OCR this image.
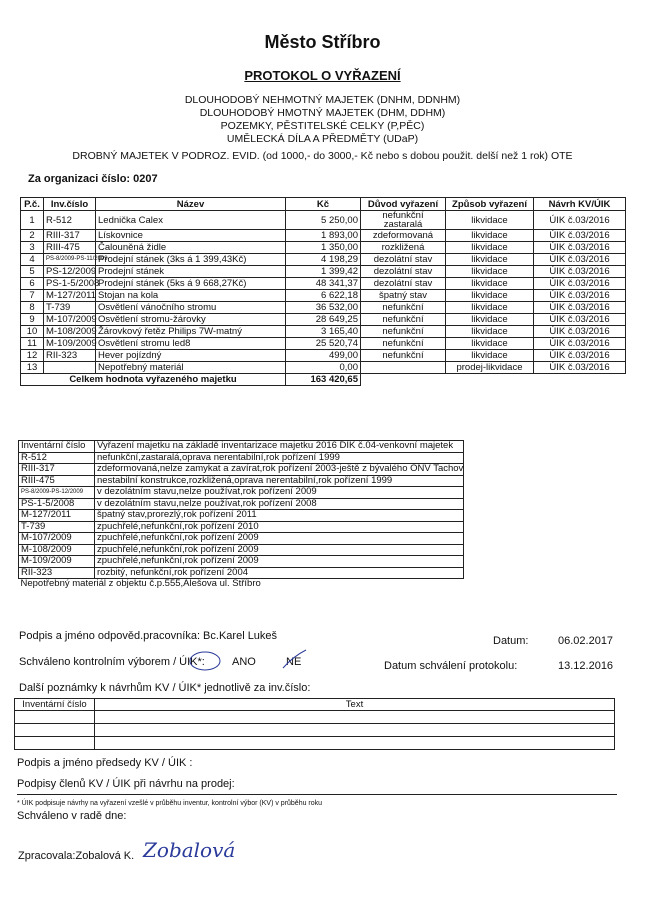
Město Stříbro
PROTOKOL O VYŘAZENÍ
DLOUHODOBÝ NEHMOTNÝ MAJETEK (DNHM, DDNHM)
DLOUHODOBÝ HMOTNÝ MAJETEK (DHM, DDHM)
POZEMKY, PĚSTITELSKÉ CELKY (P,PĚC)
UMĚLECKÁ DÍLA A PŘEDMĚTY (UDaP)
DROBNÝ MAJETEK V PODROZ. EVID. (od 1000,- do 3000,- Kč nebo s dobou použit. delší než 1 rok) OTE
Za organizaci číslo: 0207
P.č.	Inv.číslo	Název	Kč	Důvod vyřazení	Způsob vyřazení	Návrh KV/ÚIK
1	R-512	Lednička Calex	5 250,00	nefunkční zastaralá	likvidace	ÚIK č.03/2016
2	RIII-317	Lískovnice	1 893,00	zdeformovaná	likvidace	ÚIK č.03/2016
3	RIII-475	Čalouněná židle	1 350,00	rozkližená	likvidace	ÚIK č.03/2016
4	PS-8/2009-PS-11/2009	Prodejní stánek (3ks á 1 399,43Kč)	4 198,29	dezolátní stav	likvidace	ÚIK č.03/2016
5	PS-12/2009	Prodejní stánek	1 399,42	dezolátní stav	likvidace	ÚIK č.03/2016
6	PS-1-5/2008	Prodejní stánek (5ks á 9 668,27Kč)	48 341,37	dezolátní stav	likvidace	ÚIK č.03/2016
7	M-127/2011	Stojan na kola	6 622,18	špatný stav	likvidace	ÚIK č.03/2016
8	T-739	Osvětlení vánočního stromu	36 532,00	nefunkční	likvidace	ÚIK č.03/2016
9	M-107/2009	Osvětlení stromu-žárovky	28 649,25	nefunkční	likvidace	ÚIK č.03/2016
10	M-108/2009	Žárovkový řetěz Philips 7W-matný	3 165,40	nefunkční	likvidace	ÚIK č.03/2016
11	M-109/2009	Osvětlení stromu led8	25 520,74	nefunkční	likvidace	ÚIK č.03/2016
12	RII-323	Hever pojízdný	499,00	nefunkční	likvidace	ÚIK č.03/2016
13		Nepotřebný materiál	0,00		prodej-likvidace	ÚIK č.03/2016
Celkem hodnota vyřazeného majetku			163 420,65			
Inventární číslo	Vyřazení majetku na základě inventarizace majetku 2016 DIK č.04-venkovní majetek
R-512	nefunkční,zastaralá,oprava nerentabilní,rok pořízení 1999
RIII-317	zdeformovaná,nelze zamykat a zavírat,rok pořízení 2003-ještě z bývalého ONV Tachov
RIII-475	nestabilní konstrukce,rozkližená,oprava nerentabilní,rok pořízení 1999
PS-8/2009-PS-12/2009	v dezolátním stavu,nelze používat,rok pořízení 2009
PS-1-5/2008	v dezolátním stavu,nelze používat,rok pořízení 2008
M-127/2011	špatný stav,prorezlý,rok pořízení 2011
T-739	zpuchřelé,nefunkční,rok pořízení 2010
M-107/2009	zpuchřelé,nefunkční,rok pořízení 2009
M-108/2009	zpuchřelé,nefunkční,rok pořízení 2009
M-109/2009	zpuchřelé,nefunkční,rok pořízení 2009
RII-323	rozbitý, nefunkční,rok pořízení 2004
Nepotřebný materiál z objektu č.p.555,Alešova ul. Stříbro	
Podpis a jméno odpověd.pracovníka: Bc.Karel Lukeš	Datum:	06.02.2017
Schváleno kontrolním výborem / ÚIK*: ANO	NE	Datum schválení protokolu:	13.12.2016
Další poznámky k návrhům KV / ÚIK* jednotlivě za inv.číslo:
Inventární číslo	Text

Podpis a jméno předsedy KV / ÚIK :
Podpisy členů KV / ÚIK při návrhu na prodej:
* ÚIK podpisuje návrhy na vyřazení vzešlé v průběhu inventur, kontrolní výbor (KV) v průběhu roku
Schváleno v radě dne:
Zpracovala:Zobalová K. Zobalová
